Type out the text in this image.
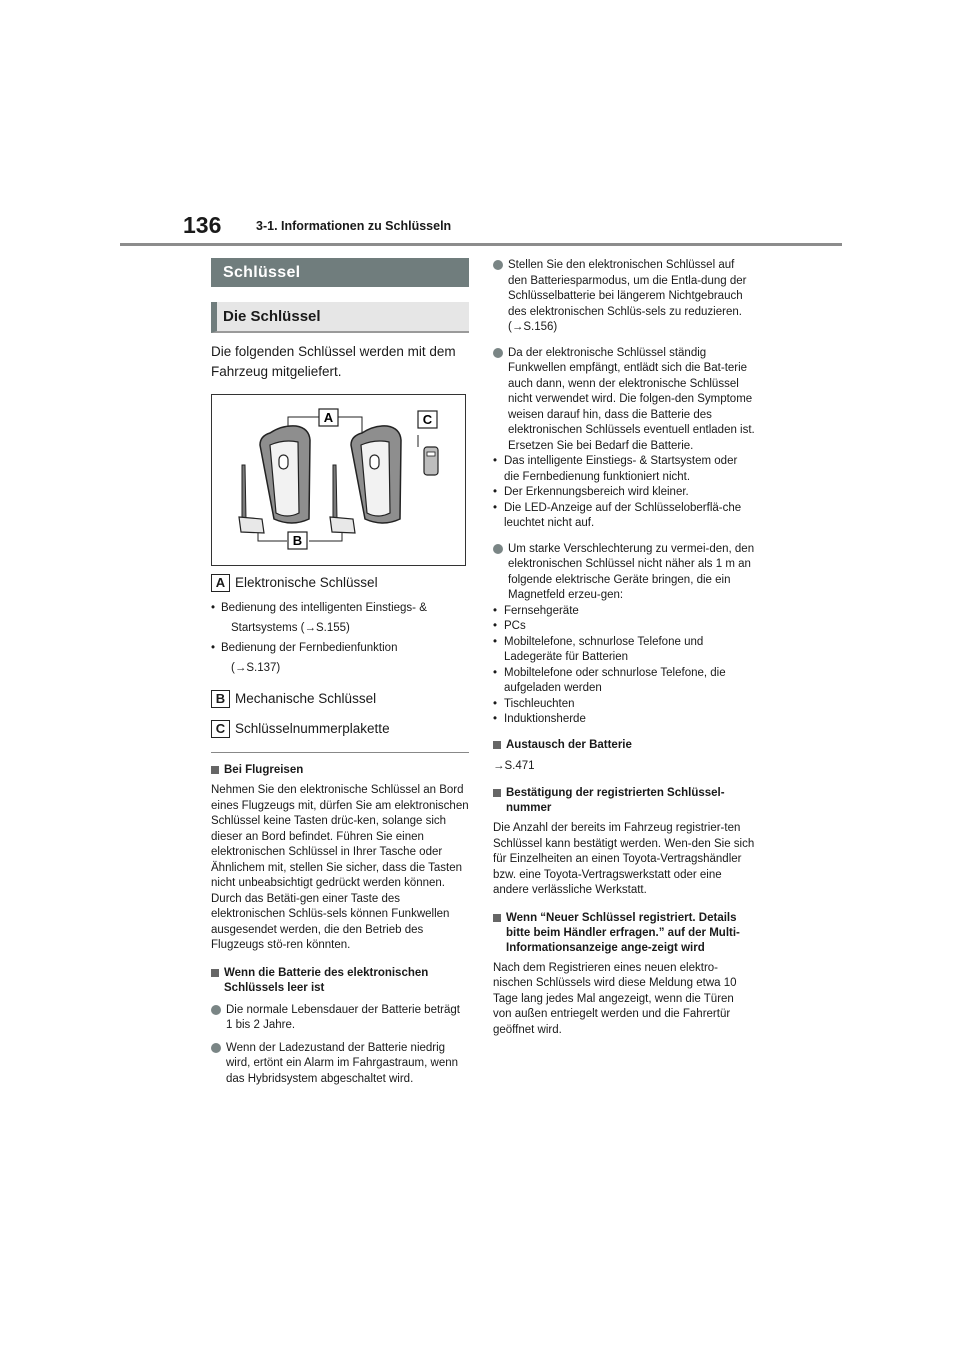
136	3-1. Informationen zu Schlüsseln
Schlüssel
Die Schlüssel
Die folgenden Schlüssel werden mit dem Fahrzeug mitgeliefert.
A	C
B
A Elektronische Schlüssel
• Bedienung des intelligenten Einstiegs- &
Startsystems (→S.155)
• Bedienung der Fernbedienfunktion
(→S.137)
B Mechanische Schlüssel
C Schlüsselnummerplakette
Bei Flugreisen
Nehmen Sie den elektronische Schlüssel an Bord eines Flugzeugs mit, dürfen Sie am elektronischen Schlüssel keine Tasten drüc-ken, solange sich dieser an Bord befindet. Führen Sie einen elektronischen Schlüssel in Ihrer Tasche oder Ähnlichem mit, stellen Sie sicher, dass die Tasten nicht unbeabsichtigt gedrückt werden können. Durch das Betäti-gen einer Taste des elektronischen Schlüs-sels können Funkwellen ausgesendet werden, die den Betrieb des Flugzeugs stö-ren könnten.
Wenn die Batterie des elektronischen Schlüssels leer ist
Die normale Lebensdauer der Batterie beträgt 1 bis 2 Jahre.
Wenn der Ladezustand der Batterie niedrig wird, ertönt ein Alarm im Fahrgastraum, wenn das Hybridsystem abgeschaltet wird.
Stellen Sie den elektronischen Schlüssel auf den Batteriesparmodus, um die Entla-dung der Schlüsselbatterie bei längerem Nichtgebrauch des elektronischen Schlüs-sels zu reduzieren. (→S.156)
Da der elektronische Schlüssel ständig Funkwellen empfängt, entlädt sich die Bat-terie auch dann, wenn der elektronische Schlüssel nicht verwendet wird. Die folgen-den Symptome weisen darauf hin, dass die Batterie des elektronischen Schlüssels eventuell entladen ist. Ersetzen Sie bei Bedarf die Batterie.
• Das intelligente Einstiegs- & Startsystem oder die Fernbedienung funktioniert nicht.
• Der Erkennungsbereich wird kleiner.
• Die LED-Anzeige auf der Schlüsseloberflä-che leuchtet nicht auf.
Um starke Verschlechterung zu vermei-den, den elektronischen Schlüssel nicht näher als 1 m an folgende elektrische Geräte bringen, die ein Magnetfeld erzeu-gen:
• Fernsehgeräte
• PCs
• Mobiltelefone, schnurlose Telefone und Ladegeräte für Batterien
• Mobiltelefone oder schnurlose Telefone, die aufgeladen werden
• Tischleuchten
• Induktionsherde
Austausch der Batterie
→S.471
Bestätigung der registrierten Schlüssel-nummer
Die Anzahl der bereits im Fahrzeug registrier-ten Schlüssel kann bestätigt werden. Wen-den Sie sich für Einzelheiten an einen Toyota-Vertragshändler bzw. eine Toyota-Vertragswerkstatt oder eine andere verlässliche Werkstatt.
Wenn “Neuer Schlüssel registriert. Details bitte beim Händler erfragen.” auf der Multi-Informationsanzeige ange-zeigt wird
Nach dem Registrieren eines neuen elektro-nischen Schlüssels wird diese Meldung etwa 10 Tage lang jedes Mal angezeigt, wenn die Türen von außen entriegelt werden und die Fahrertür geöffnet wird.
